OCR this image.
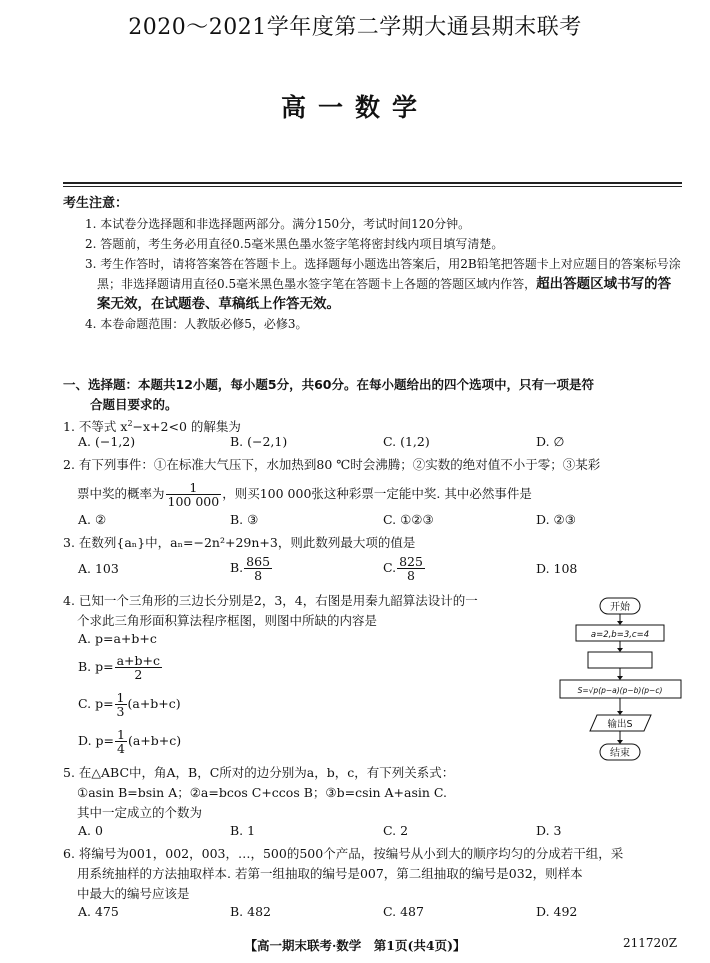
2020～2021学年度第二学期大通县期末联考
高一数学
考生注意：
1. 本试卷分选择题和非选择题两部分。满分150分，考试时间120分钟。
2. 答题前，考生务必用直径0.5毫米黑色墨水签字笔将密封线内项目填写清楚。
3. 考生作答时，请将答案答在答题卡上。选择题每小题选出答案后，用2B铅笔把答题卡上对应题目的答案标号涂黑；非选择题请用直径0.5毫米黑色墨水签字笔在答题卡上各题的答题区域内作答，超出答题区域书写的答案无效，在试题卷、草稿纸上作答无效。
4. 本卷命题范围：人教版必修5，必修3。
一、选择题：本题共12小题，每小题5分，共60分。在每小题给出的四个选项中，只有一项是符
合题目要求的。
1. 不等式 $x^2-x+2<0$ 的解集为
A. (−1,2)	B. (−2,1)	C. (1,2)	D. ∅
2. 有下列事件：①在标准大气压下，水加热到80 ℃时会沸腾；②实数的绝对值不小于零；③某彩
票中奖的概率为 $\frac{1}{100 000}$ ，则买100 000张这种彩票一定能中奖. 其中必然事件是
A. ②	B. ③	C. ①②③	D. ②③
3. 在数列{aₙ}中，aₙ=−2n²+29n+3，则此数列最大项的值是
A. 103	B. $\frac{865}{8}$	C. $\frac{825}{8}$	D. 108
4. 已知一个三角形的三边长分别是2，3，4，右图是用秦九韶算法设计的一
个求此三角形面积算法程序框图，则图中所缺的内容是
A. p=a+b+c
B. $p= \frac{a+b+c}{2}$
C. $p= \frac{1}{3} (a+b+c)$
D. $p= \frac{1}{4} (a+b+c)$
开始
a=2,b=3,c=4
S=√p(p−a)(p−b)(p−c)
输出S
结束
5. 在△ABC中，角A，B，C所对的边分别为a，b，c，有下列关系式：
①asin B=bsin A；②a=bcos C+ccos B；③b=csin A+asin C.
其中一定成立的个数为
A. 0	B. 1	C. 2	D. 3
6. 将编号为001，002，003，…，500的500个产品，按编号从小到大的顺序均匀的分成若干组，采
用系统抽样的方法抽取样本. 若第一组抽取的编号是007，第二组抽取的编号是032，则样本
中最大的编号应该是
A. 475	B. 482	C. 487	D. 492
【高一期末联考·数学　第1页(共4页)】	211720Z
